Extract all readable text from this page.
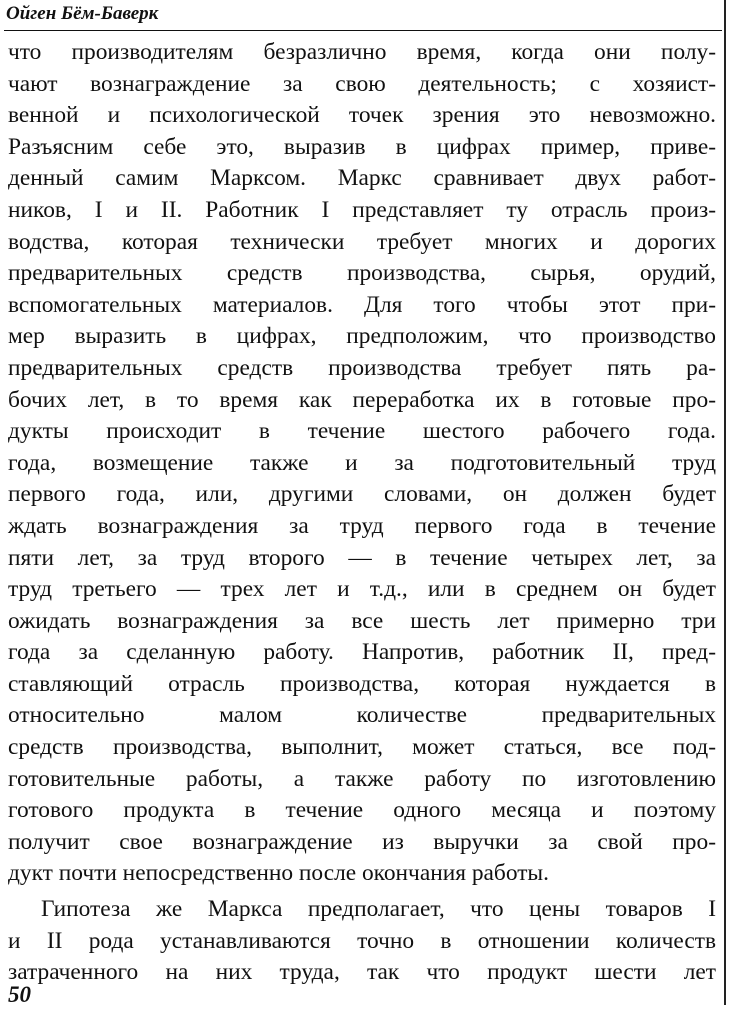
Ойген Бём-Баверк
что производителям безразлично время, когда они полу-
чают вознаграждение за свою деятельность; с хозяист-
венной и психологической точек зрения это невозможно.
Разъясним себе это, выразив в цифрах пример, приве-
денный самим Марксом. Маркс сравнивает двух работ-
ников, I и II. Работник I представляет ту отрасль произ-
водства, которая технически требует многих и дорогих
предварительных средств производства, сырья, орудий,
вспомогательных материалов. Для того чтобы этот при-
мер выразить в цифрах, предположим, что производство
предварительных средств производства требует пять ра-
бочих лет, в то время как переработка их в готовые про-
дукты происходит в течение шестого рабочего года.
года, возмещение также и за подготовительный труд
первого года, или, другими словами, он должен будет
ждать вознаграждения за труд первого года в течение
пяти лет, за труд второго — в течение четырех лет, за
труд третьего — трех лет и т.д., или в среднем он будет
ожидать вознаграждения за все шесть лет примерно три
года за сделанную работу. Напротив, работник II, пред-
ставляющий отрасль производства, которая нуждается в
относительно малом количестве предварительных
средств производства, выполнит, может статься, все под-
готовительные работы, а также работу по изготовлению
готового продукта в течение одного месяца и поэтому
получит свое вознаграждение из выручки за свой про-
дукт почти непосредственно после окончания работы.
Гипотеза же Маркса предполагает, что цены товаров I
и II рода устанавливаются точно в отношении количеств
затраченного на них труда, так что продукт шести лет
50
